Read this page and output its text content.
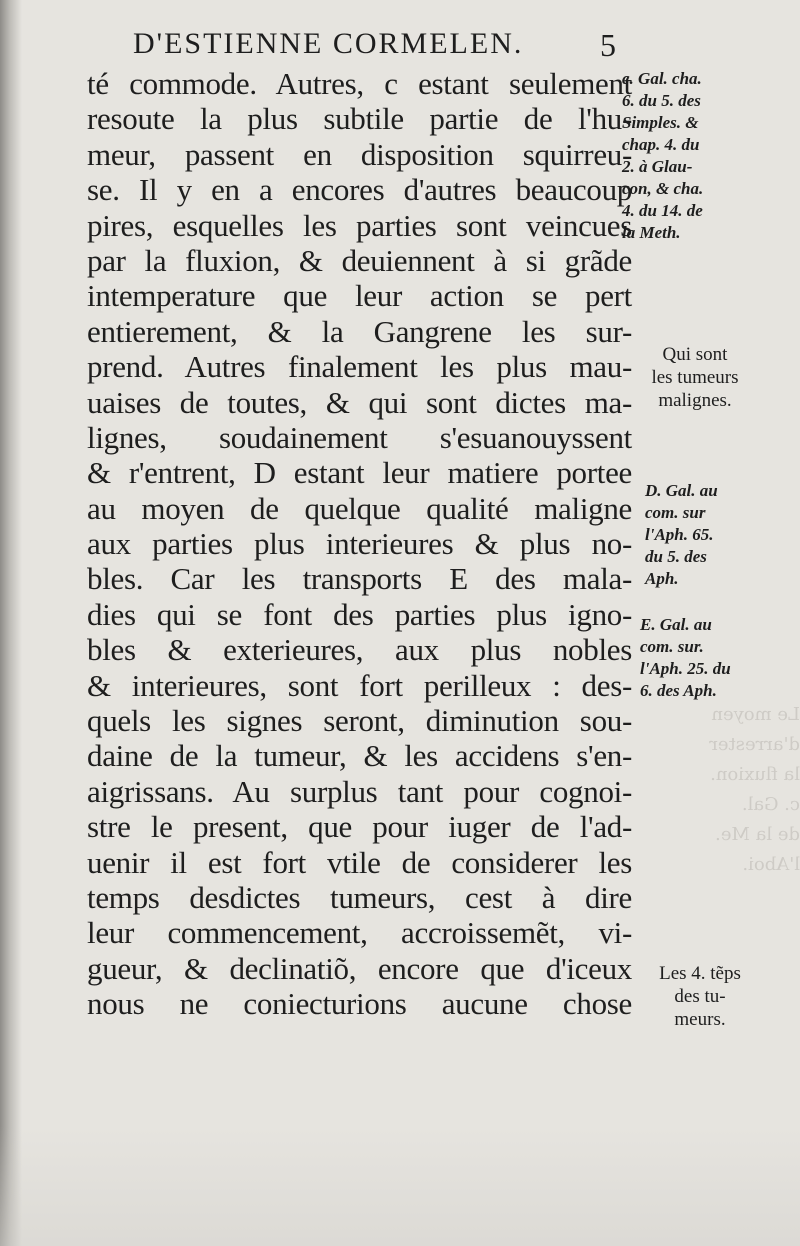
Le moyen
d'arrester
la fluxion.
c. Gal.
de la Me.
l'Aboi.
D'ESTIENNE CORMELEN. 5
té commode. Autres, c estant seulement
resoute la plus subtile partie de l'hu-
meur, passent en disposition squirreu-
se. Il y en a encores d'autres beaucoup
pires, esquelles les parties sont veincues
par la fluxion, & deuiennent à si grãde
intemperature que leur action se pert
entierement, & la Gangrene les sur-
prend. Autres finalement les plus mau-
uaises de toutes, & qui sont dictes ma-
lignes, soudainement s'esuanouyssent
& r'entrent, D estant leur matiere portee
au moyen de quelque qualité maligne
aux parties plus interieures & plus no-
bles. Car les transports E des mala-
dies qui se font des parties plus igno-
bles & exterieures, aux plus nobles
& interieures, sont fort perilleux : des-
quels les signes seront, diminution sou-
daine de la tumeur, & les accidens s'en-
aigrissans. Au surplus tant pour cognoi-
stre le present, que pour iuger de l'ad-
uenir il est fort vtile de considerer les
temps desdictes tumeurs, cest à dire
leur commencement, accroissemẽt, vi-
gueur, & declinatiõ, encore que d'iceux
nous ne coniecturions aucune chose
c. Gal. cha.
6. du 5. des
Simples. &
chap. 4. du
2. à Glau-
con, & cha.
4. du 14. de
la Meth.
Qui sont
les tumeurs
malignes.
D. Gal. au
com. sur
l'Aph. 65.
du 5. des
Aph.
E. Gal. au
com. sur.
l'Aph. 25. du
6. des Aph.
Les 4. tẽps
des tu-
meurs.
